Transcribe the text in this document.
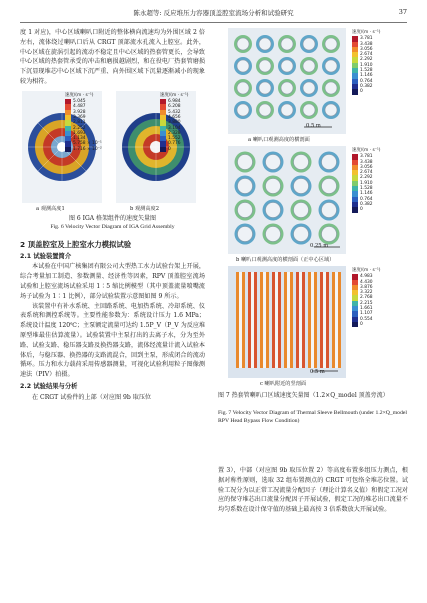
陈永超等: 反应堆压力容器顶盖腔室流场分析和试验研究	37

度 1 对应)，中心区域喇叭口附近的整体横向流速均为外围区域 2 倍左右，流体绕过喇叭口后从 CRGT 顶部流水孔流入上腔室。此外，中心区域在旋涡引起的流动不稳定且中心区域的热套管更长，会导致中心区域的热套管承受的冲击和磨损越剧烈，和在役电厂热套管磨损下沉显现堆芯中心区域下沉严重、向外围区域下沉量逐渐减小的现象较为相符。

速度/(m · s⁻¹)
5.045
4.487
3.928
3.369
2.811
2.252
1.693
1.134
5.758 × 10⁻¹
1.716 × 10⁻²
a 观测高度1
速度/(m · s⁻¹)
6.984
6.208
5.432
4.656
3.880
3.104
2.328
1.552
0.776
0
b 观测高度2
图 6 IGA 格架组件的速度矢量图
Fig. 6 Velocity Vector Diagram of IGA Grid Assembly
2 顶盖腔室及上腔室水力模拟试验
2.1 试验装置简介

本试验在中国广核集团有限公司大型热工水力试验台架上开展，综合考量加工制造、参数测量、经济性等因素，RPV 顶盖腔室流场试验和上腔室流场试验采用 1∶5 缩比例模型（其中顶盖流量喷嘴流场子试验为 1∶1 比例），部分试验装置示意图如图 9 所示。

该装置中有补水系统、主回路系统、电加热系统、冷却系统、仪表系统和测控系统等。主要性能参数为：系统设计压力 1.6 MPa；系统设计温度 120℃；主泵额定流量可达约 1.5P_V（P_V 为反应堆原型堆最佳估算流量）。试验装置中主泵打出的去离子水，分为至外路、试验支路、稳压器支路及换热器支路，流体经流量计流入试验本体后，与稳压器、换热器的支路流混合，回到主泵，形成闭合的流动循环。压力和水力载荷采用传感器测量，可视化试验利用粒子图像测速法（PIV）拍摄。

2.2 试验结果与分析

在 CRGT 试验件的上部（对应图 9b 取压位

速度/(m · s⁻¹)
3.781
3.438
3.056
2.674
2.292
1.910
1.528
1.146
0.764
0.382
0
0.5 m
a 喇叭口观测高度的横剖面
速度/(m · s⁻¹)
3.781
3.438
3.056
2.674
2.292
1.910
1.528
1.146
0.764
0.382
0
0.25 m
b 喇叭口观测高度的横剖面（正中心区域）
速度/(m · s⁻¹)
4.983
4.430
3.876
3.322
2.768
2.215
1.661
1.107
0.554
0
0.5 m
c 喇叭附近的竖剖面
图 7 热套管喇叭口区域速度矢量图（1.2×Q_model 顶盖旁流）
Fig. 7 Velocity Vector Diagram of Thermal Sleeve Bellmouth (under 1.2×Q_model RPV Head Bypass Flow Condition)

置 3），中部（对应图 9b 取压位置 2）等高度布置多组压力测点，根据对称性原则，选取 32 组布置测点的 CRGT 可包络全堆芯位置。试验工况分为以正常工况流量分配因子（理论计算名义值）和假定工况对应的保守堆芯出口流量分配因子开展试验，假定工况的堆芯出口流量不均匀系数在设计保守值的基础上最高按 3 倍系数放大开展试验。
